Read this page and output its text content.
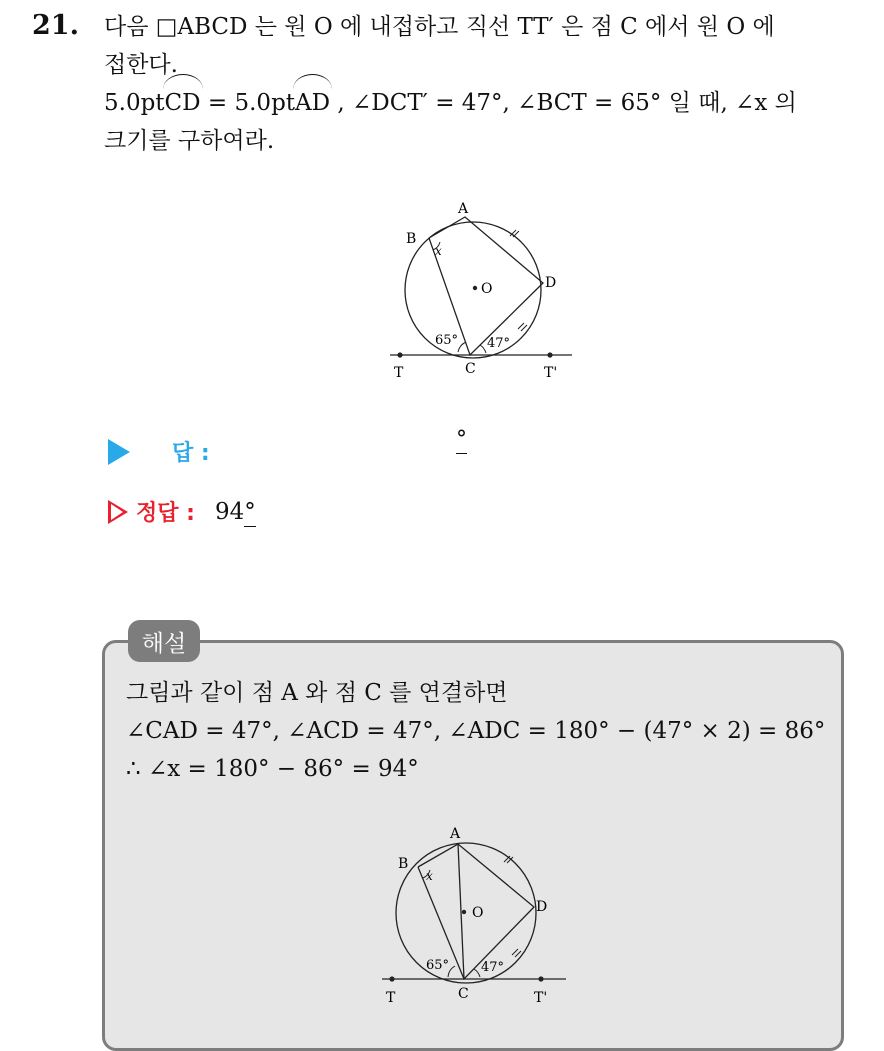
21. 다음 □ABCD 는 원 O 에 내접하고 직선 TT′ 은 점 C 에서 원 O 에
접한다.
5.0ptCD = 5.0ptAD , ∠DCT′ = 47°, ∠BCT = 65° 일 때, ∠x 의
크기를 구하여라.
A
B
x
O	D
65° 47°
T	C	T'
답 :
°
정답 : 94°
해설
그림과 같이 점 A 와 점 C 를 연결하면
∠CAD = 47°, ∠ACD = 47°, ∠ADC = 180° − (47° × 2) = 86°
∴ ∠x = 180° − 86° = 94°
A
B
x
O	D
65° 47°
T	C	T'
